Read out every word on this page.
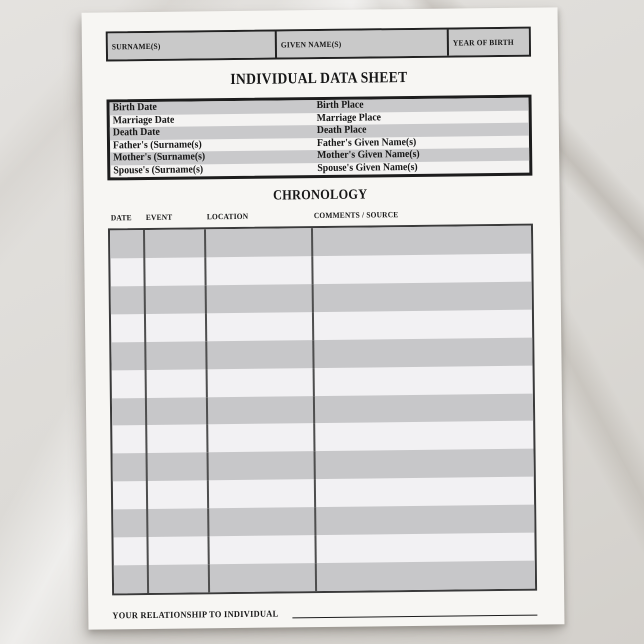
SURNAME(S)	GIVEN NAME(S)	YEAR OF BIRTH
INDIVIDUAL DATA SHEET
Birth Date	Birth Place
Marriage Date	Marriage Place
Death Date	Death Place
Father's (Surname(s)	Father's Given Name(s)
Mother's (Surname(s)	Mother's Given Name(s)
Spouse's (Surname(s)	Spouse's Given Name(s)
CHRONOLOGY
DATE	EVENT	LOCATION	COMMENTS / SOURCE
YOUR RELATIONSHIP TO INDIVIDUAL
